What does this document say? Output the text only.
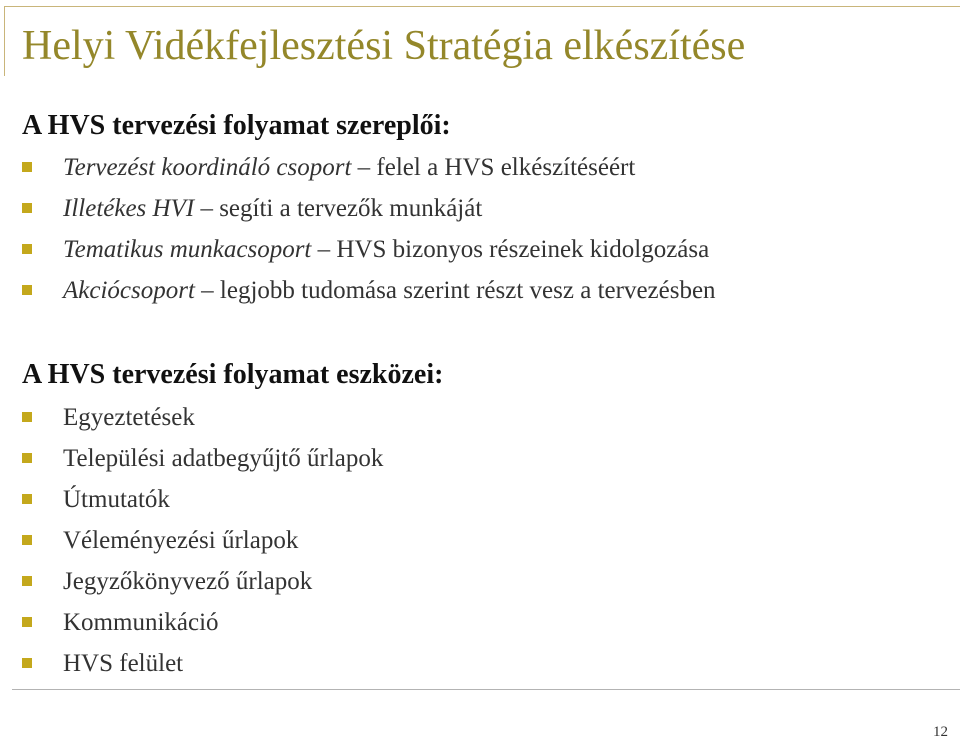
Helyi Vidékfejlesztési Stratégia elkészítése
A HVS tervezési folyamat szereplői:
Tervezést koordináló csoport – felel a HVS elkészítéséért
Illetékes HVI – segíti a tervezők munkáját
Tematikus munkacsoport – HVS bizonyos részeinek kidolgozása
Akciócsoport – legjobb tudomása szerint részt vesz a tervezésben
A HVS tervezési folyamat eszközei:
Egyeztetések
Települési adatbegyűjtő űrlapok
Útmutatók
Véleményezési űrlapok
Jegyzőkönyvező űrlapok
Kommunikáció
HVS felület
12
